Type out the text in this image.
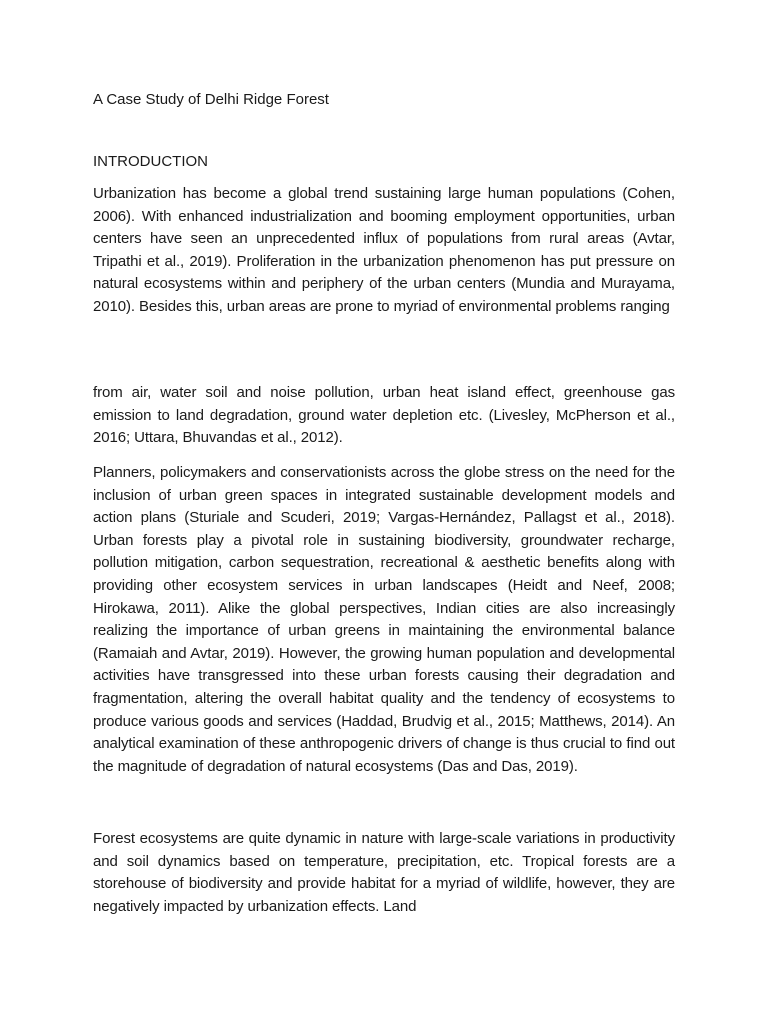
A Case Study of Delhi Ridge Forest
INTRODUCTION

Urbanization has become a global trend sustaining large human populations (Cohen, 2006). With enhanced industrialization and booming employment opportunities, urban centers have seen an unprecedented influx of populations from rural areas (Avtar, Tripathi et al., 2019). Proliferation in the urbanization phenomenon has put pressure on natural ecosystems within and periphery of the urban centers (Mundia and Murayama, 2010). Besides this, urban areas are prone to myriad of environmental problems ranging

from air, water soil and noise pollution, urban heat island effect, greenhouse gas emission to land degradation, ground water depletion etc. (Livesley, McPherson et al., 2016; Uttara, Bhuvandas et al., 2012).

Planners, policymakers and conservationists across the globe stress on the need for the inclusion of urban green spaces in integrated sustainable development models and action plans (Sturiale and Scuderi, 2019; Vargas-Hernández, Pallagst et al., 2018). Urban forests play a pivotal role in sustaining biodiversity, groundwater recharge, pollution mitigation, carbon sequestration, recreational & aesthetic benefits along with providing other ecosystem services in urban landscapes (Heidt and Neef, 2008; Hirokawa, 2011). Alike the global perspectives, Indian cities are also increasingly realizing the importance of urban greens in maintaining the environmental balance (Ramaiah and Avtar, 2019). However, the growing human population and developmental activities have transgressed into these urban forests causing their degradation and fragmentation, altering the overall habitat quality and the tendency of ecosystems to produce various goods and services (Haddad, Brudvig et al., 2015; Matthews, 2014). An analytical examination of these anthropogenic drivers of change is thus crucial to find out the magnitude of degradation of natural ecosystems (Das and Das, 2019).

Forest ecosystems are quite dynamic in nature with large-scale variations in productivity and soil dynamics based on temperature, precipitation, etc. Tropical forests are a storehouse of biodiversity and provide habitat for a myriad of wildlife, however, they are negatively impacted by urbanization effects. Land
